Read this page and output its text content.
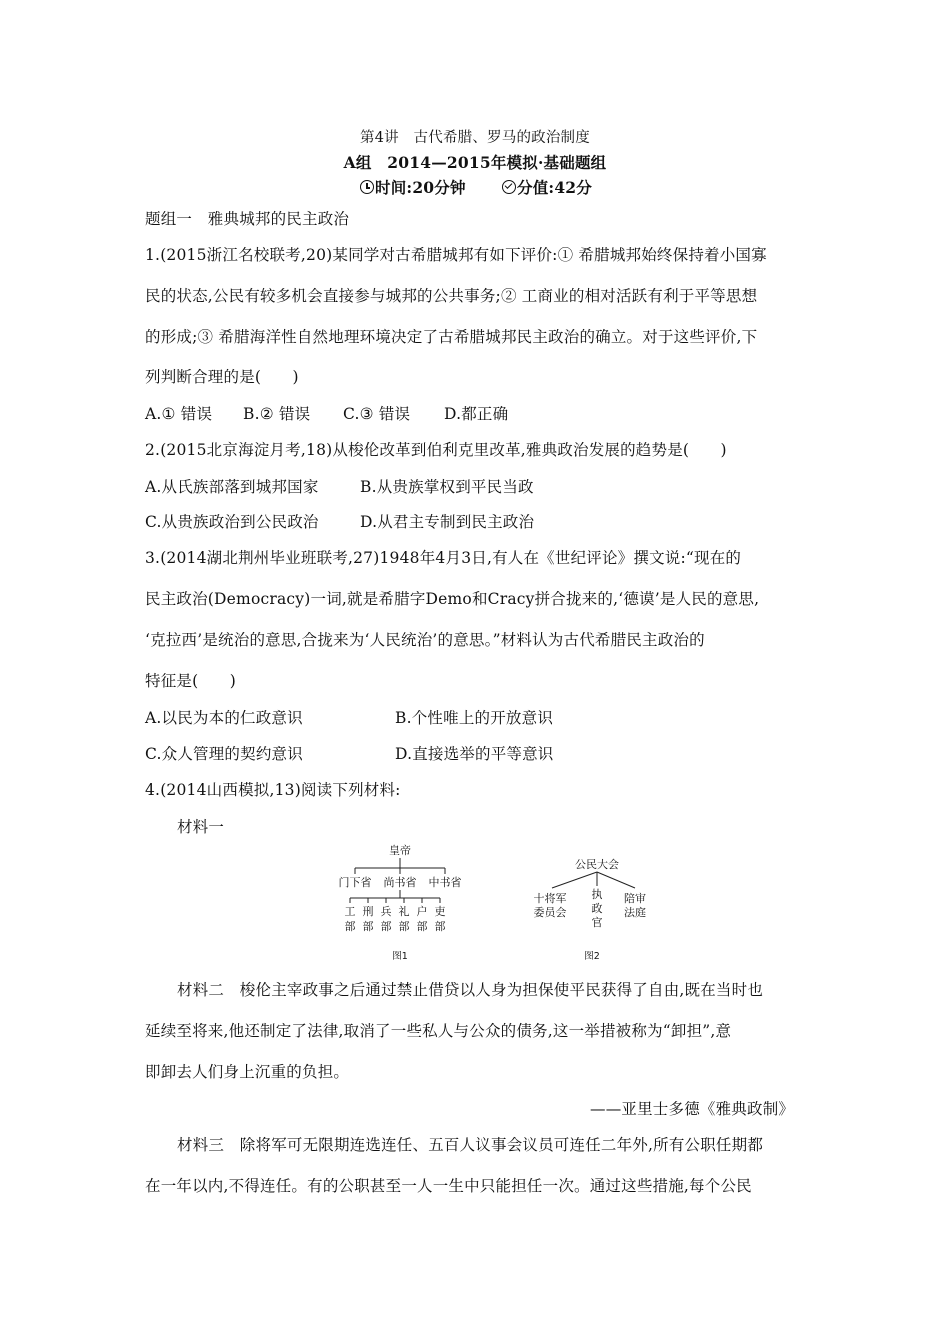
第4讲　古代希腊、罗马的政治制度
A组　2014—2015年模拟·基础题组
时间:20分钟	分值:42分
题组一　雅典城邦的民主政治
1.(2015浙江名校联考,20)某同学对古希腊城邦有如下评价:① 希腊城邦始终保持着小国寡
民的状态,公民有较多机会直接参与城邦的公共事务;② 工商业的相对活跃有利于平等思想
的形成;③ 希腊海洋性自然地理环境决定了古希腊城邦民主政治的确立。对于这些评价,下
列判断合理的是(　　)
A.① 错误 B.② 错误 C.③ 错误 D.都正确
2.(2015北京海淀月考,18)从梭伦改革到伯利克里改革,雅典政治发展的趋势是(　　)
A.从氏族部落到城邦国家	B.从贵族掌权到平民当政
C.从贵族政治到公民政治	D.从君主专制到民主政治
3.(2014湖北荆州毕业班联考,27)1948年4月3日,有人在《世纪评论》撰文说:“现在的
民主政治(Democracy)一词,就是希腊字Demo和Cracy拼合拢来的,‘德谟’是人民的意思,
‘克拉西’是统治的意思,合拢来为‘人民统治’的意思。”材料认为古代希腊民主政治的
特征是(　　)
A.以民为本的仁政意识	B.个性唯上的开放意识
C.众人管理的契约意识	D.直接选举的平等意识
4.(2014山西模拟,13)阅读下列材料:
材料一
皇帝
门下省 尚书省 中书省
工部
刑部
兵部
礼部
户部
吏部
图1
公民大会
十将军
委员会
执政官
陪审
法庭
图2
材料二　梭伦主宰政事之后通过禁止借贷以人身为担保使平民获得了自由,既在当时也
延续至将来,他还制定了法律,取消了一些私人与公众的债务,这一举措被称为“卸担”,意
即卸去人们身上沉重的负担。
——亚里士多德《雅典政制》
材料三　除将军可无限期连选连任、五百人议事会议员可连任二年外,所有公职任期都
在一年以内,不得连任。有的公职甚至一人一生中只能担任一次。通过这些措施,每个公民
